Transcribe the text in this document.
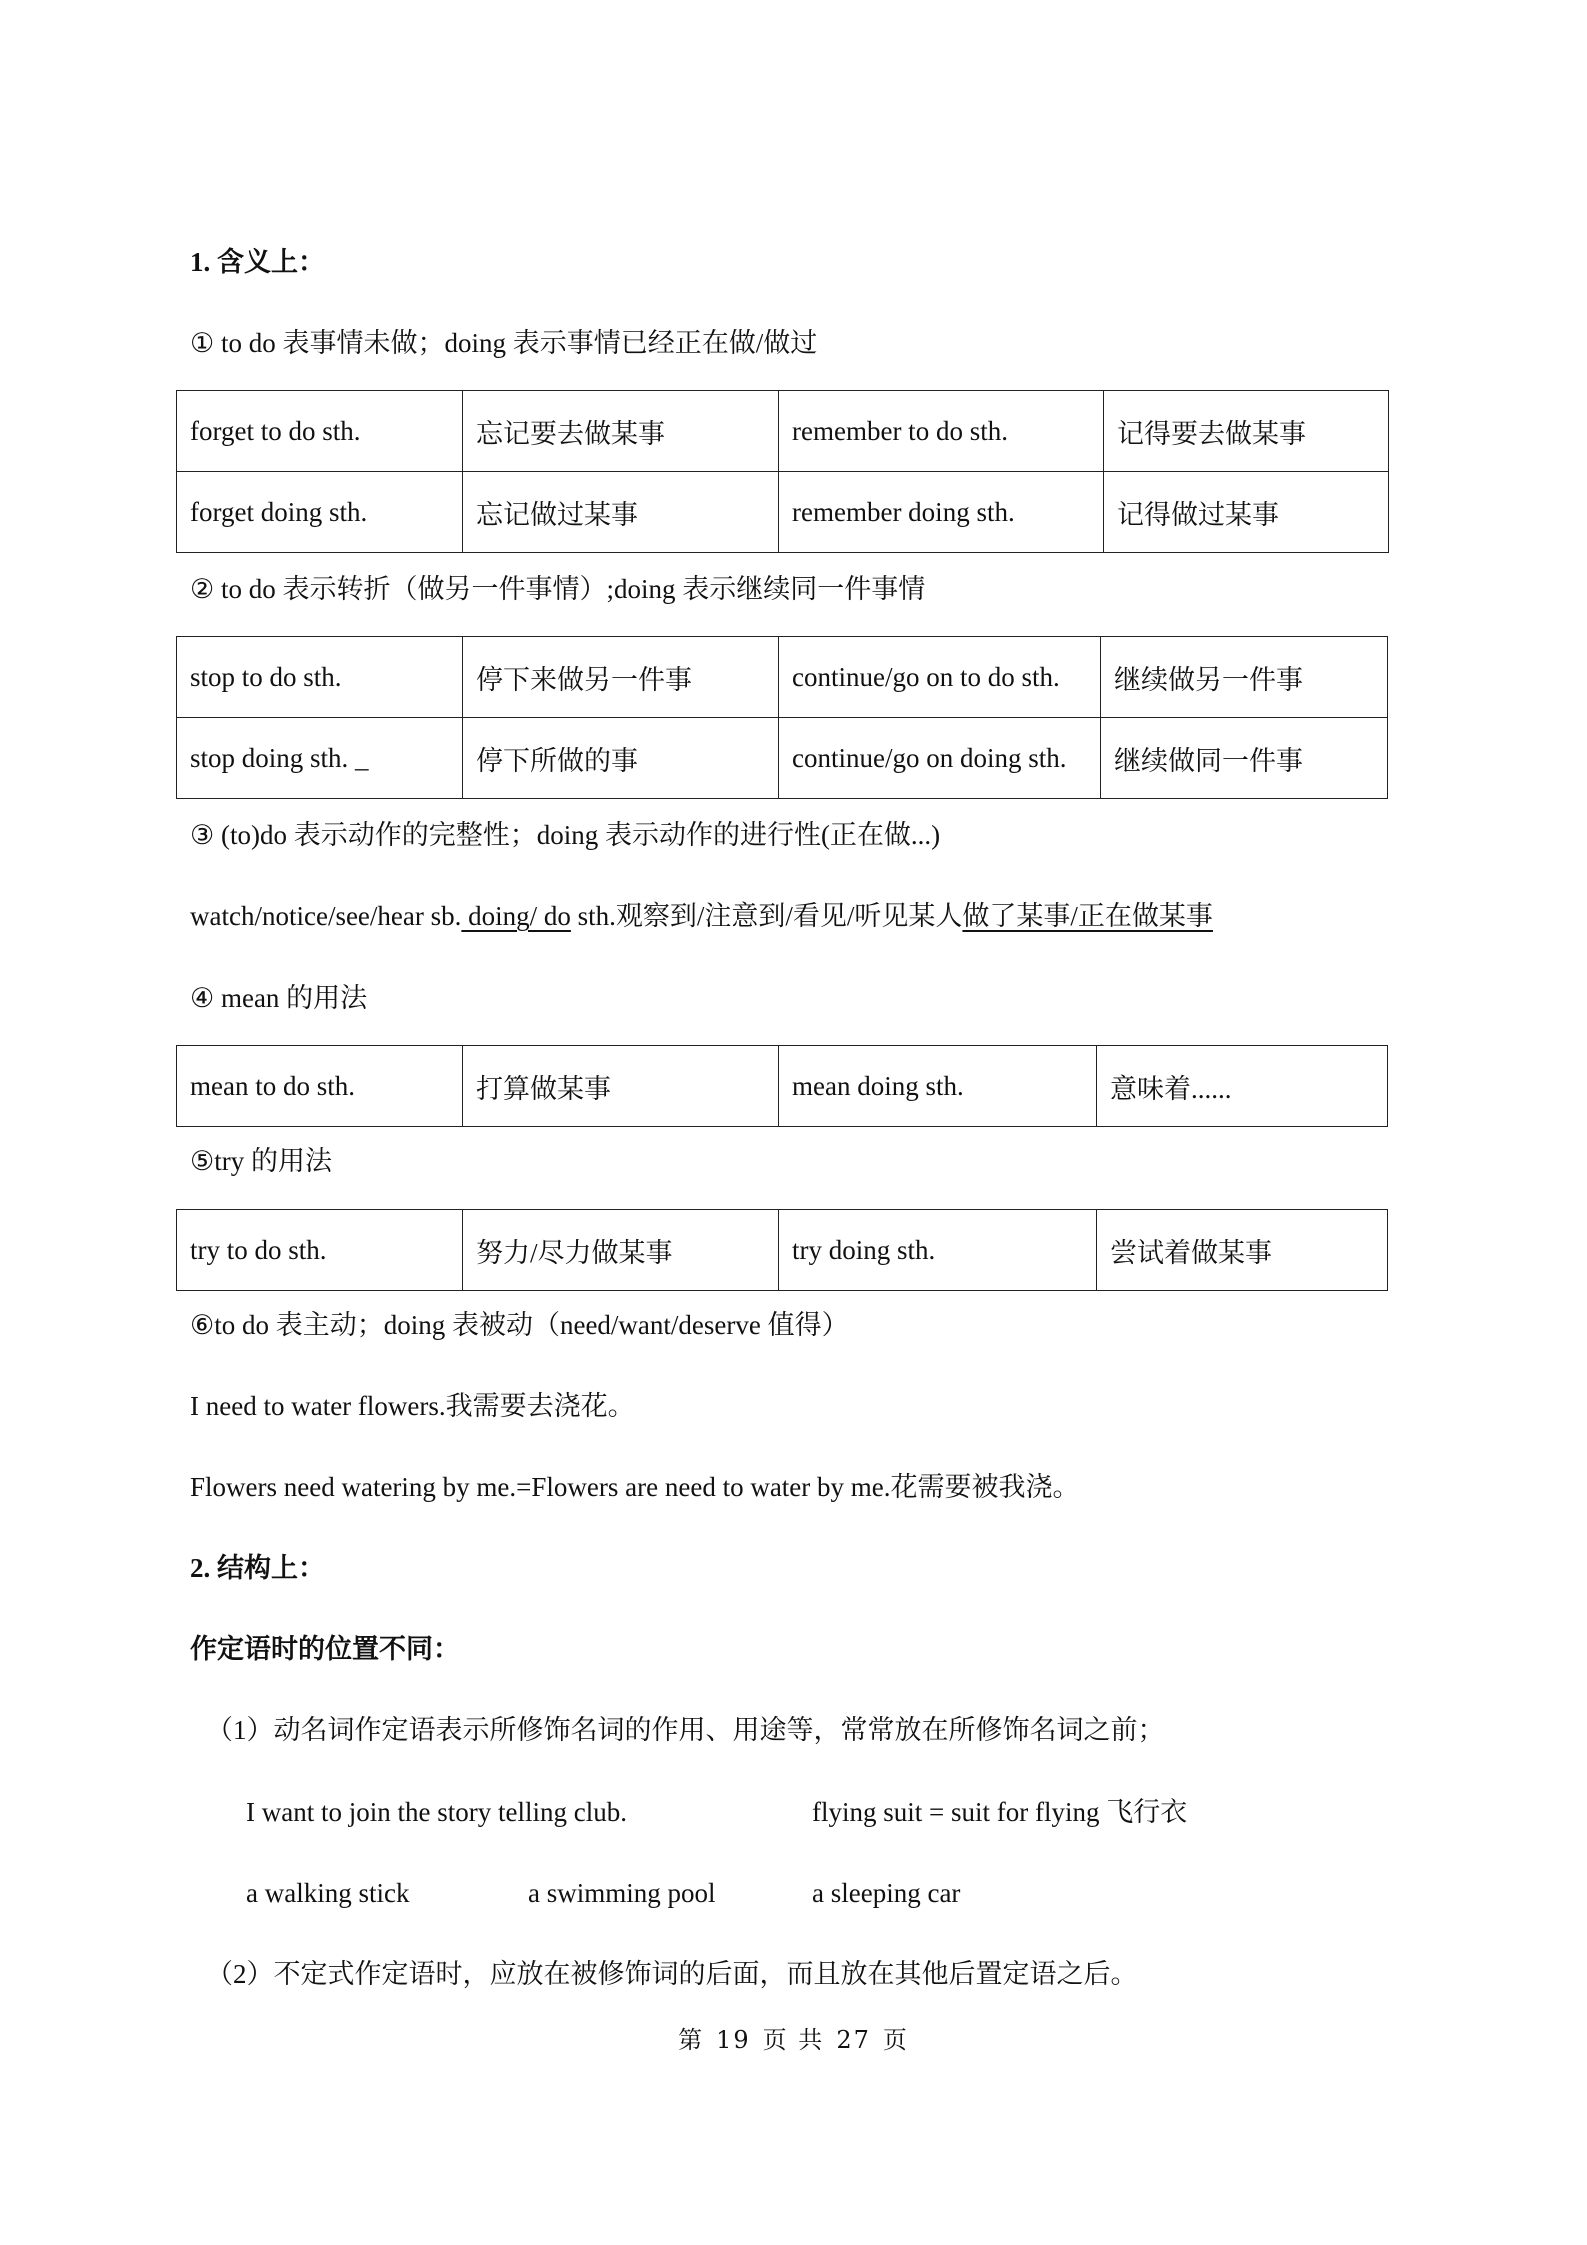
1. 含义上：
① to do 表事情未做；doing 表示事情已经正在做/做过
forget to do sth.	忘记要去做某事	remember to do sth.	记得要去做某事
forget doing sth.	忘记做过某事	remember doing sth.	记得做过某事
② to do 表示转折（做另一件事情）;doing 表示继续同一件事情
stop to do sth.	停下来做另一件事	continue/go on to do sth.	继续做另一件事
stop doing sth. _	停下所做的事	continue/go on doing sth.	继续做同一件事
③ (to)do 表示动作的完整性；doing 表示动作的进行性(正在做...)
watch/notice/see/hear sb. doing/ do sth.观察到/注意到/看见/听见某人做了某事/正在做某事
④ mean 的用法
mean to do sth.	打算做某事	mean doing sth.	意味着......
⑤try 的用法
try to do sth.	努力/尽力做某事	try doing sth.	尝试着做某事
⑥to do 表主动；doing 表被动（need/want/deserve 值得）
I need to water flowers.我需要去浇花。
Flowers need watering by me.=Flowers are need to water by me.花需要被我浇。
2. 结构上：
作定语时的位置不同：
（1）动名词作定语表示所修饰名词的作用、用途等，常常放在所修饰名词之前；
I want to join the story telling club.	flying suit = suit for flying 飞行衣
a walking stick	a swimming pool	a sleeping car
（2）不定式作定语时，应放在被修饰词的后面，而且放在其他后置定语之后。
第 19 页 共 27 页
